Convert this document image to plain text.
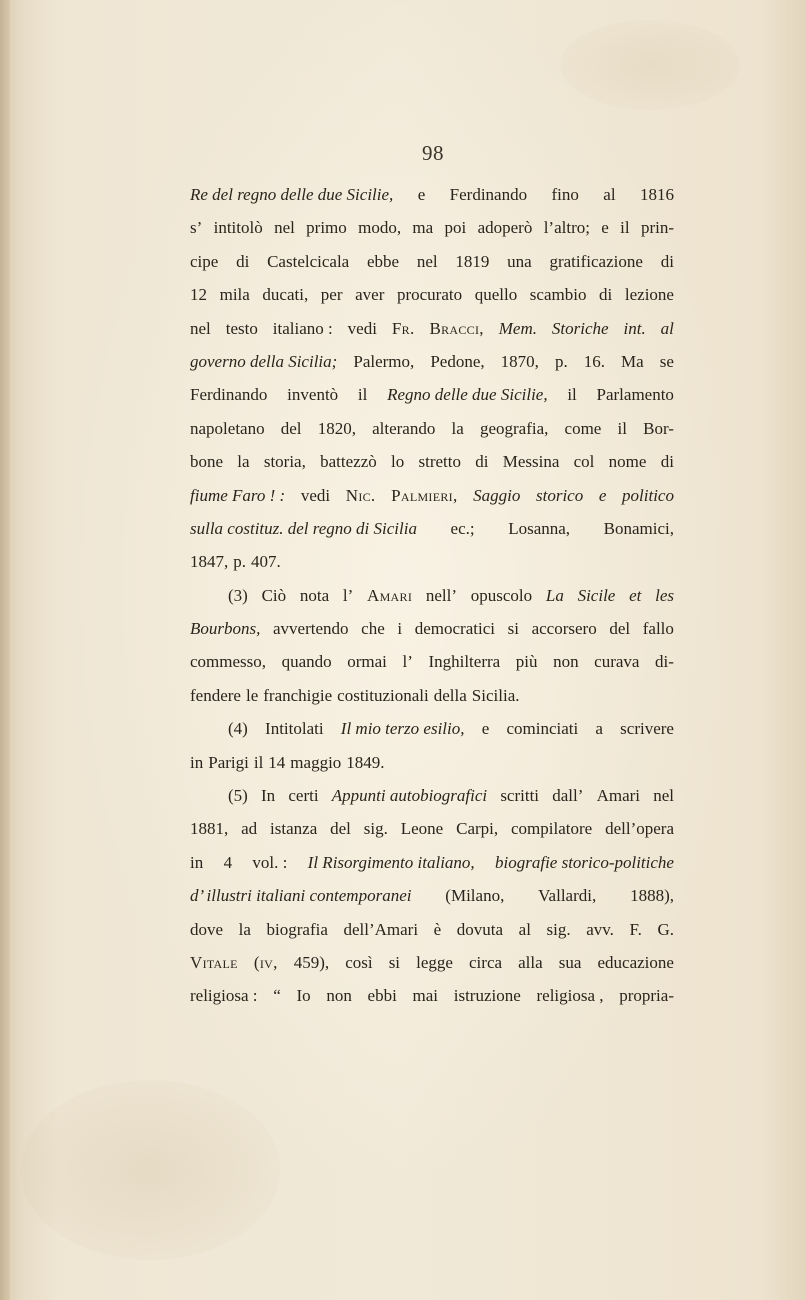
98
Re del regno delle due Sicilie, e Ferdinando fino al 1816
s’ intitolò nel primo modo, ma poi adoperò l’altro; e il prin-
cipe di Castelcicala ebbe nel 1819 una gratificazione di
12 mila ducati, per aver procurato quello scambio di lezione
nel testo italiano : vedi Fr. Bracci, Mem. Storiche int. al
governo della Sicilia; Palermo, Pedone, 1870, p. 16. Ma se
Ferdinando inventò il Regno delle due Sicilie, il Parlamento
napoletano del 1820, alterando la geografia, come il Bor-
bone la storia, battezzò lo stretto di Messina col nome di
fiume Faro ! : vedi Nic. Palmieri, Saggio storico e politico
sulla costituz. del regno di Sicilia ec.; Losanna, Bonamici,
1847, p. 407.
(3) Ciò nota l’ Amari nell’ opuscolo La Sicile et les
Bourbons, avvertendo che i democratici si accorsero del fallo
commesso, quando ormai l’ Inghilterra più non curava di-
fendere le franchigie costituzionali della Sicilia.
(4) Intitolati Il mio terzo esilio, e cominciati a scrivere
in Parigi il 14 maggio 1849.
(5) In certi Appunti autobiografici scritti dall’ Amari nel
1881, ad istanza del sig. Leone Carpi, compilatore dell’opera
in 4 vol. : Il Risorgimento italiano, biografie storico-politiche
d’ illustri italiani contemporanei (Milano, Vallardi, 1888),
dove la biografia dell’Amari è dovuta al sig. avv. F. G.
Vitale (iv, 459), così si legge circa alla sua educazione
religiosa : “ Io non ebbi mai istruzione religiosa , propria-
